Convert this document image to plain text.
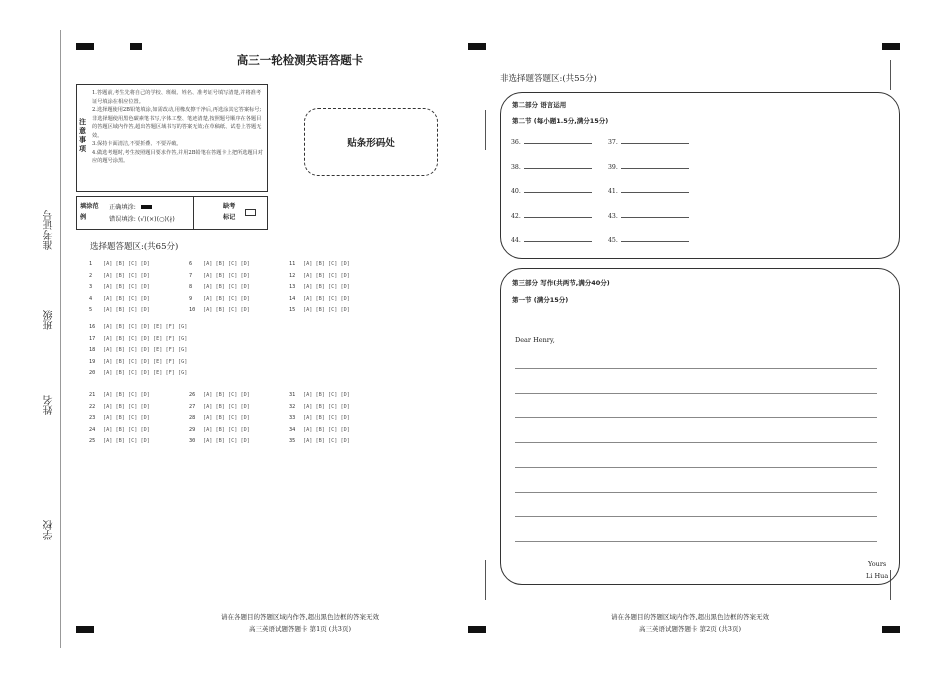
准考证号
班级
姓名
学校
高三一轮检测英语答题卡
注意事项
1.答题前,考生先将自己的学校、班级、姓名、准考证号填写清楚,并将准考证号填涂在相应位置。
2.选择题使用2B铅笔填涂,如需改动,用橡皮擦干净后,再选涂其它答案标号;非选择题使用黑色碳素笔书写,字体工整、笔迹清楚,按照题号顺序在各题目的答题区域内作答,超出答题区域书写的答案无效;在草稿纸、试卷上答题无效。
3.保持卡面清洁,不要折叠、不要弄破。
4.做选考题时,考生按照题目要求作答,并用2B铅笔在答题卡上把所选题目对应的题号涂黑。
填涂范例
正确填涂:
错误填涂: (√)(×)(○)(∤)
缺考标记
贴条形码处
选择题答题区:(共65分)
1 [A] [B] [C] [D]
2 [A] [B] [C] [D]
3 [A] [B] [C] [D]
4 [A] [B] [C] [D]
5 [A] [B] [C] [D]
6 [A] [B] [C] [D]
7 [A] [B] [C] [D]
8 [A] [B] [C] [D]
9 [A] [B] [C] [D]
10 [A] [B] [C] [D]
11 [A] [B] [C] [D]
12 [A] [B] [C] [D]
13 [A] [B] [C] [D]
14 [A] [B] [C] [D]
15 [A] [B] [C] [D]
16 [A] [B] [C] [D] [E] [F] [G]
17 [A] [B] [C] [D] [E] [F] [G]
18 [A] [B] [C] [D] [E] [F] [G]
19 [A] [B] [C] [D] [E] [F] [G]
20 [A] [B] [C] [D] [E] [F] [G]
21 [A] [B] [C] [D]
22 [A] [B] [C] [D]
23 [A] [B] [C] [D]
24 [A] [B] [C] [D]
25 [A] [B] [C] [D]
26 [A] [B] [C] [D]
27 [A] [B] [C] [D]
28 [A] [B] [C] [D]
29 [A] [B] [C] [D]
30 [A] [B] [C] [D]
31 [A] [B] [C] [D]
32 [A] [B] [C] [D]
33 [A] [B] [C] [D]
34 [A] [B] [C] [D]
35 [A] [B] [C] [D]
请在各题目的答题区域内作答,超出黑色边框的答案无效
高三英语试题答题卡 第1页 (共3页)
非选择题答题区:(共55分)
第二部分 语言运用
第二节 (每小题1.5分,满分15分)
36.	37.
38.	39.
40.	41.
42.	43.
44.	45.
第三部分 写作(共两节,满分40分)
第一节 (满分15分)
Dear Henry,
Yours
Li Hua
请在各题目的答题区域内作答,超出黑色边框的答案无效
高三英语试题答题卡 第2页 (共3页)
